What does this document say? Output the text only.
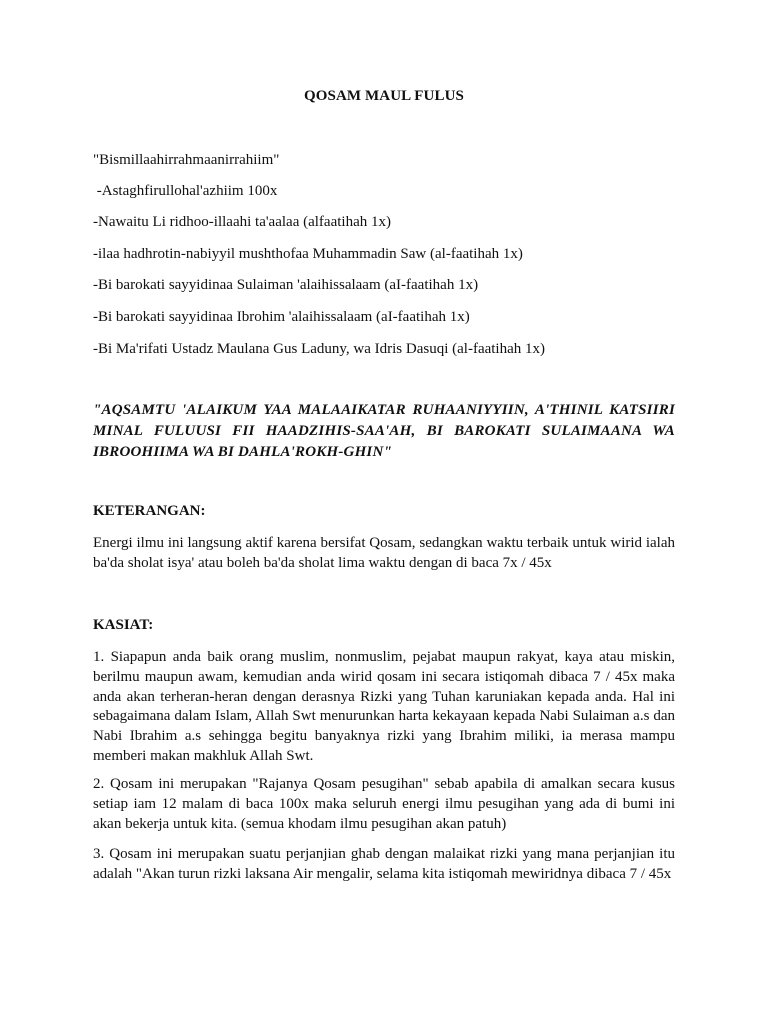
QOSAM MAUL FULUS
"Bismillaahirrahmaanirrahiim"
-Astaghfirullohal'azhiim 100x
-Nawaitu Li ridhoo-illaahi ta'aalaa (alfaatihah 1x)
-ilaa hadhrotin-nabiyyil mushthofaa Muhammadin Saw (al-faatihah 1x)
-Bi barokati sayyidinaa Sulaiman 'alaihissalaam (aI-faatihah 1x)
-Bi barokati sayyidinaa Ibrohim 'alaihissalaam (aI-faatihah 1x)
-Bi Ma'rifati Ustadz Maulana Gus Laduny, wa Idris Dasuqi (al-faatihah 1x)
"AQSAMTU 'ALAIKUM YAA MALAAIKATAR RUHAANIYYIIN, A'THINIL KATSIIRI MINAL FULUUSI FII HAADZIHIS-SAA'AH, BI BAROKATI SULAIMAANA WA IBROOHIIMA WA BI DAHLA'ROKH-GHIN"
KETERANGAN:
Energi ilmu ini langsung aktif karena bersifat Qosam, sedangkan waktu terbaik untuk wirid ialah ba'da sholat isya' atau boleh ba'da sholat lima waktu dengan di baca 7x / 45x
KASIAT:
1. Siapapun anda baik orang muslim, nonmuslim, pejabat maupun rakyat, kaya atau miskin, berilmu maupun awam, kemudian anda wirid qosam ini secara istiqomah dibaca 7 / 45x maka anda akan terheran-heran dengan derasnya Rizki yang Tuhan karuniakan kepada anda. Hal ini sebagaimana dalam Islam, Allah Swt menurunkan harta kekayaan kepada Nabi Sulaiman a.s dan Nabi Ibrahim a.s sehingga begitu banyaknya rizki yang Ibrahim miliki, ia merasa mampu memberi makan makhluk Allah Swt.
2. Qosam ini merupakan "Rajanya Qosam pesugihan" sebab apabila di amalkan secara kusus setiap iam 12 malam di baca 100x maka seluruh energi ilmu pesugihan yang ada di bumi ini akan bekerja untuk kita. (semua khodam ilmu pesugihan akan patuh)
3. Qosam ini merupakan suatu perjanjian ghab dengan malaikat rizki yang mana perjanjian itu adalah "Akan turun rizki laksana Air mengalir, selama kita istiqomah mewiridnya dibaca 7 / 45x
